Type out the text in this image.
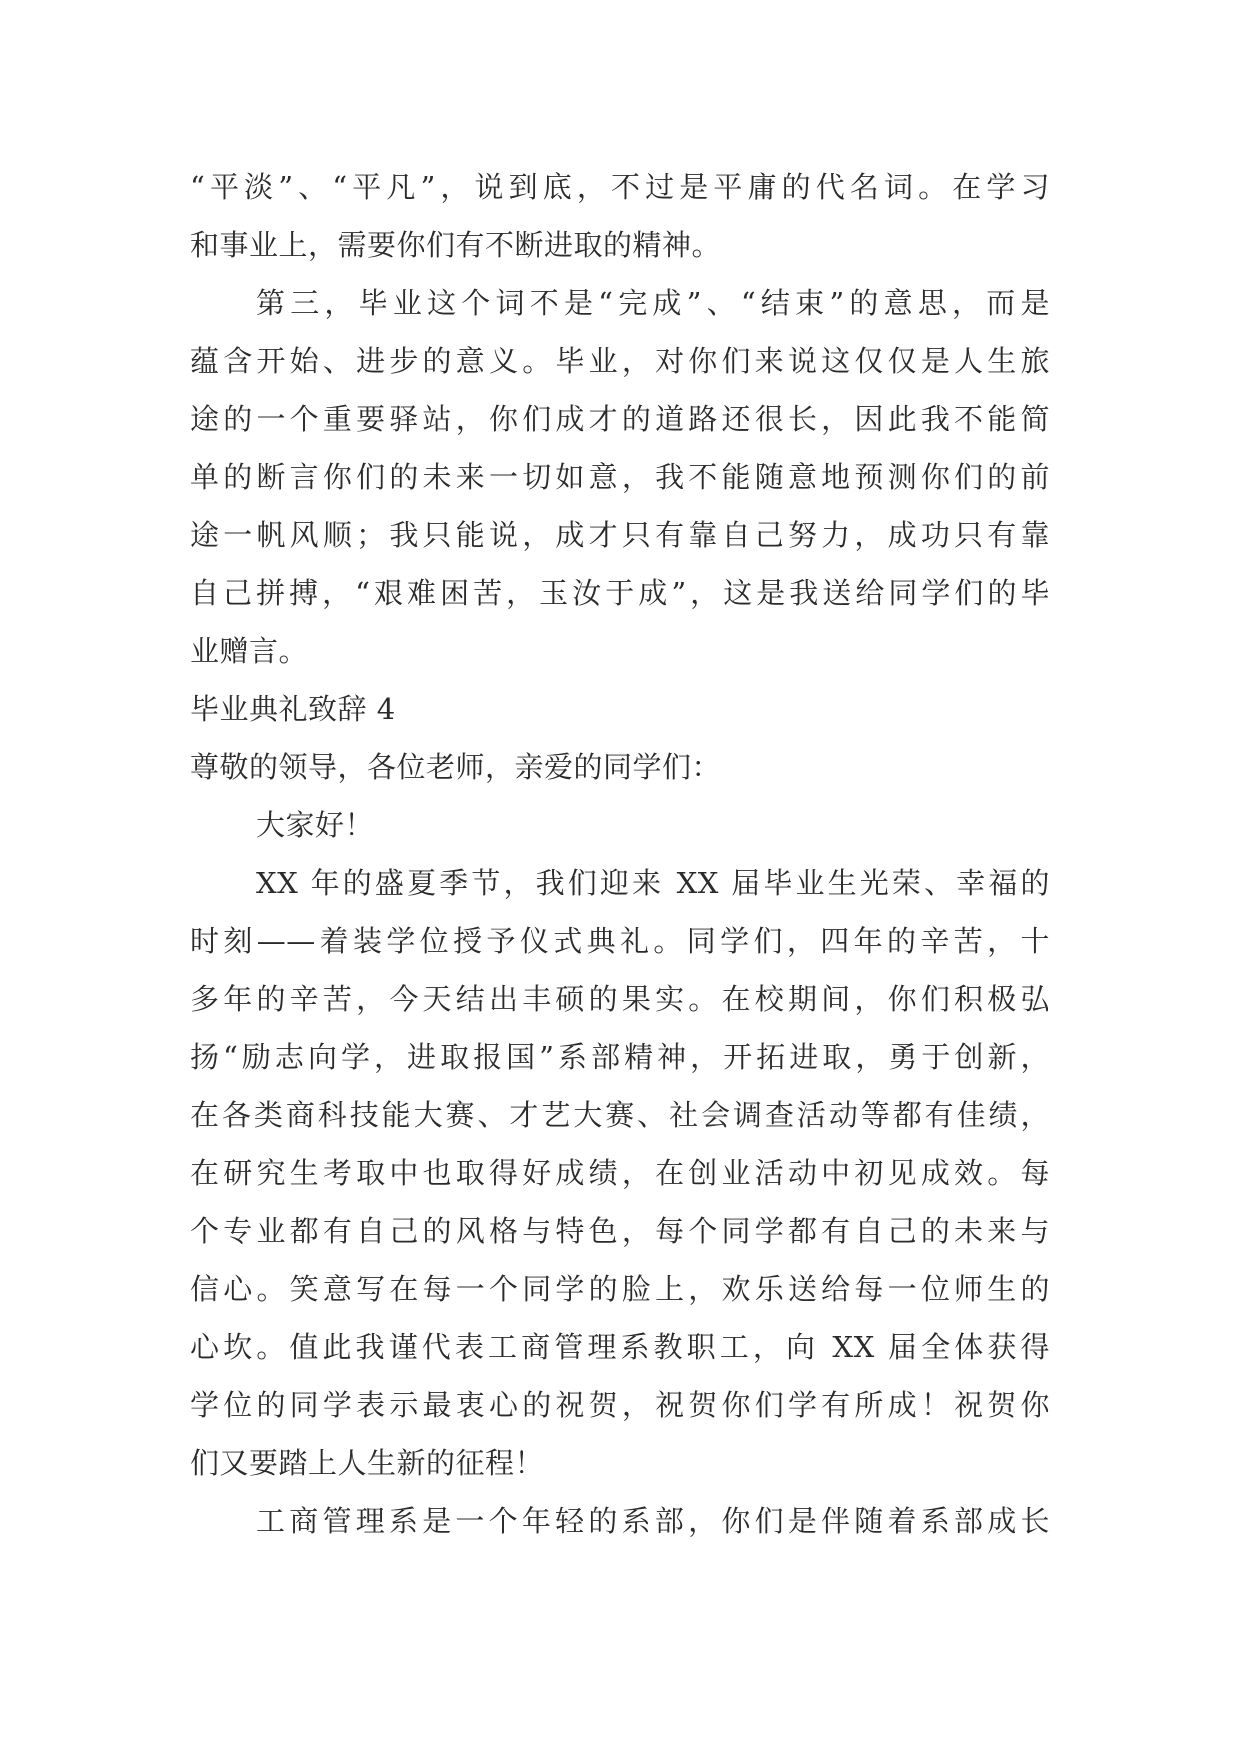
“平淡”、“平凡”，说到底，不过是平庸的代名词。在学习
和事业上，需要你们有不断进取的精神。
第三，毕业这个词不是“完成”、“结束”的意思，而是
蕴含开始、进步的意义。毕业，对你们来说这仅仅是人生旅
途的一个重要驿站，你们成才的道路还很长，因此我不能简
单的断言你们的未来一切如意，我不能随意地预测你们的前
途一帆风顺；我只能说，成才只有靠自己努力，成功只有靠
自己拼搏，“艰难困苦，玉汝于成”，这是我送给同学们的毕
业赠言。
毕业典礼致辞 4
尊敬的领导，各位老师，亲爱的同学们：
大家好！
XX 年的盛夏季节，我们迎来 XX 届毕业生光荣、幸福的
时刻——着装学位授予仪式典礼。同学们，四年的辛苦，十
多年的辛苦，今天结出丰硕的果实。在校期间，你们积极弘
扬“励志向学，进取报国”系部精神，开拓进取，勇于创新，
在各类商科技能大赛、才艺大赛、社会调查活动等都有佳绩，
在研究生考取中也取得好成绩，在创业活动中初见成效。每
个专业都有自己的风格与特色，每个同学都有自己的未来与
信心。笑意写在每一个同学的脸上，欢乐送给每一位师生的
心坎。值此我谨代表工商管理系教职工，向 XX 届全体获得
学位的同学表示最衷心的祝贺，祝贺你们学有所成！祝贺你
们又要踏上人生新的征程！
工商管理系是一个年轻的系部，你们是伴随着系部成长
